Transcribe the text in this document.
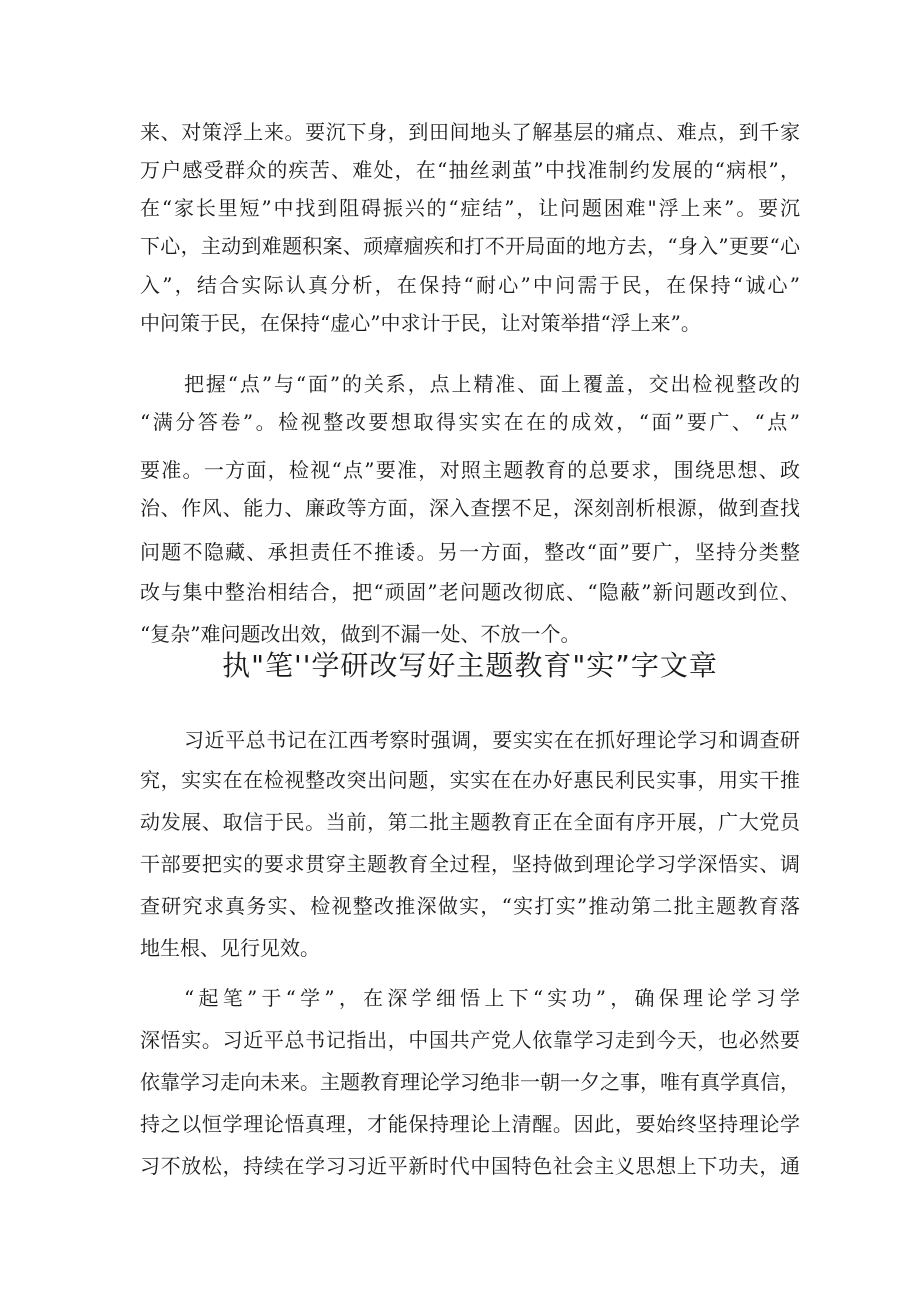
来、对策浮上来。要沉下身，到田间地头了解基层的痛点、难点，到千家
万户感受群众的疾苦、难处，在“抽丝剥茧”中找准制约发展的“病根”，
在“家长里短”中找到阻碍振兴的“症结”，让问题困难"浮上来”。要沉
下心，主动到难题积案、顽瘴痼疾和打不开局面的地方去，“身入”更要“心
入”，结合实际认真分析，在保持“耐心”中问需于民，在保持“诚心”
中问策于民，在保持“虚心”中求计于民，让对策举措“浮上来”。
把握“点”与“面”的关系，点上精准、面上覆盖，交出检视整改的
“满分答卷”。检视整改要想取得实实在在的成效，“面”要广、“点”
要准。一方面，检视“点”要准，对照主题教育的总要求，围绕思想、政
治、作风、能力、廉政等方面，深入查摆不足，深刻剖析根源，做到查找
问题不隐藏、承担责任不推诿。另一方面，整改“面”要广，坚持分类整
改与集中整治相结合，把“顽固”老问题改彻底、“隐蔽”新问题改到位、
“复杂”难问题改出效，做到不漏一处、不放一个。
执"笔''学研改写好主题教育"实”字文章
习近平总书记在江西考察时强调，要实实在在抓好理论学习和调查研
究，实实在在检视整改突出问题，实实在在办好惠民利民实事，用实干推
动发展、取信于民。当前，第二批主题教育正在全面有序开展，广大党员
干部要把实的要求贯穿主题教育全过程，坚持做到理论学习学深悟实、调
查研究求真务实、检视整改推深做实，“实打实”推动第二批主题教育落
地生根、见行见效。
“起笔”于“学”，在深学细悟上下“实功”，确保理论学习学
深悟实。习近平总书记指出，中国共产党人依靠学习走到今天，也必然要
依靠学习走向未来。主题教育理论学习绝非一朝一夕之事，唯有真学真信，
持之以恒学理论悟真理，才能保持理论上清醒。因此，要始终坚持理论学
习不放松，持续在学习习近平新时代中国特色社会主义思想上下功夫，通
